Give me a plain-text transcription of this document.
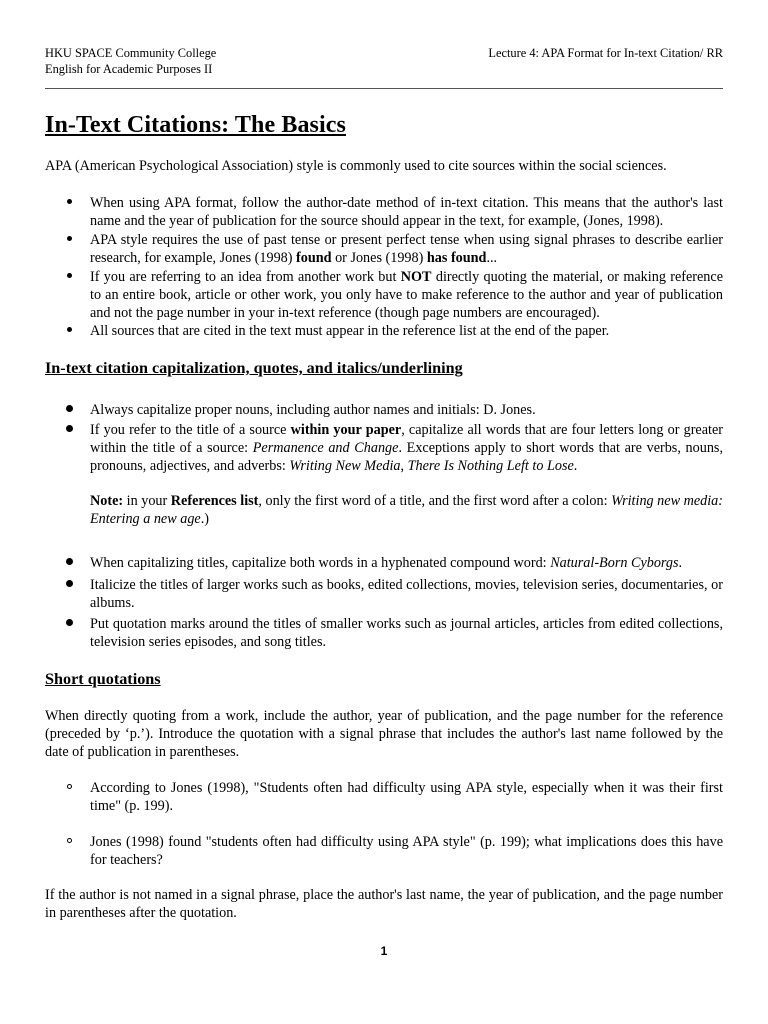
HKU SPACE Community College
English for Academic Purposes II
Lecture 4: APA Format for In-text Citation/ RR
In-Text Citations: The Basics
APA (American Psychological Association) style is commonly used to cite sources within the social sciences.
When using APA format, follow the author-date method of in-text citation. This means that the author's last name and the year of publication for the source should appear in the text, for example, (Jones, 1998).
APA style requires the use of past tense or present perfect tense when using signal phrases to describe earlier research, for example, Jones (1998) found or Jones (1998) has found...
If you are referring to an idea from another work but NOT directly quoting the material, or making reference to an entire book, article or other work, you only have to make reference to the author and year of publication and not the page number in your in-text reference (though page numbers are encouraged).
All sources that are cited in the text must appear in the reference list at the end of the paper.
In-text citation capitalization, quotes, and italics/underlining
Always capitalize proper nouns, including author names and initials: D. Jones.
If you refer to the title of a source within your paper, capitalize all words that are four letters long or greater within the title of a source: Permanence and Change. Exceptions apply to short words that are verbs, nouns, pronouns, adjectives, and adverbs: Writing New Media, There Is Nothing Left to Lose.
Note: in your References list, only the first word of a title, and the first word after a colon: Writing new media: Entering a new age.)
When capitalizing titles, capitalize both words in a hyphenated compound word: Natural-Born Cyborgs.
Italicize the titles of larger works such as books, edited collections, movies, television series, documentaries, or albums.
Put quotation marks around the titles of smaller works such as journal articles, articles from edited collections, television series episodes, and song titles.
Short quotations
When directly quoting from a work, include the author, year of publication, and the page number for the reference (preceded by ‘p.’). Introduce the quotation with a signal phrase that includes the author's last name followed by the date of publication in parentheses.
According to Jones (1998), "Students often had difficulty using APA style, especially when it was their first time" (p. 199).
Jones (1998) found "students often had difficulty using APA style" (p. 199); what implications does this have for teachers?
If the author is not named in a signal phrase, place the author's last name, the year of publication, and the page number in parentheses after the quotation.
1
